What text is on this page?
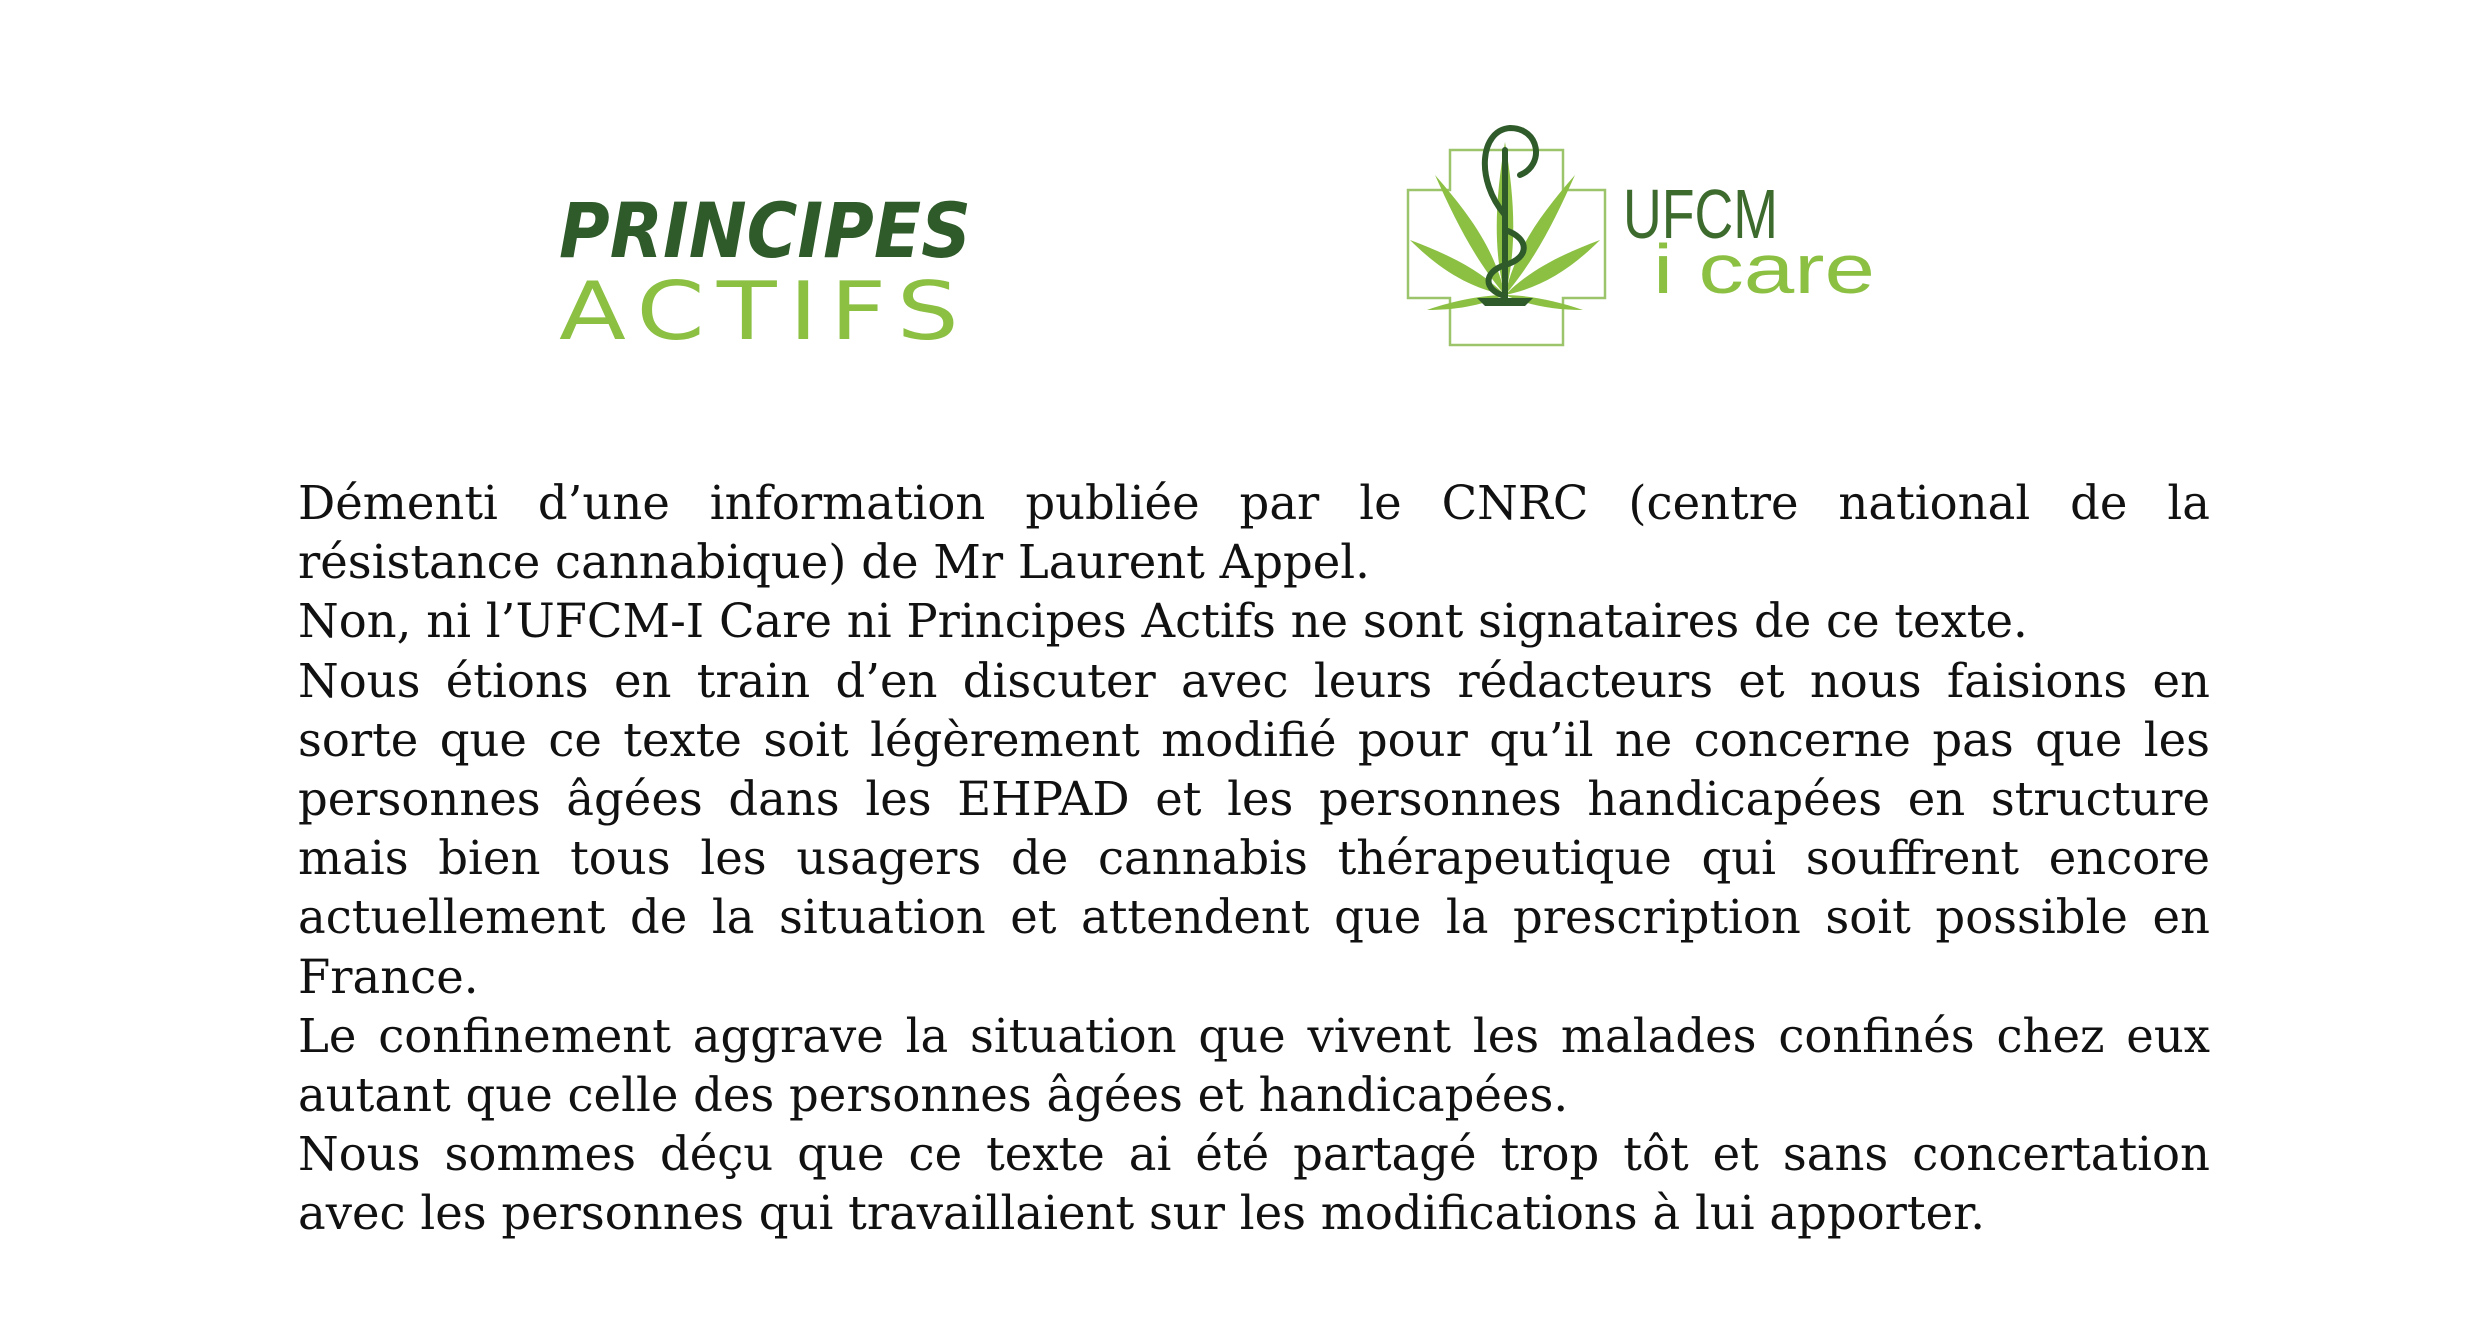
PRINCIPES
ACTIFS
UFCM
i care

Démenti d’une information publiée par le CNRC (centre national de la résistance cannabique) de Mr Laurent Appel.

Non, ni l’UFCM-I Care ni Principes Actifs ne sont signataires de ce texte.

Nous étions en train d’en discuter avec leurs rédacteurs et nous faisions en sorte que ce texte soit légèrement modifié pour qu’il ne concerne pas que les personnes âgées dans les EHPAD et les personnes handicapées en structure mais bien tous les usagers de cannabis thérapeutique qui souffrent encore actuellement de la situation et attendent que la prescription soit possible en France.

Le confinement aggrave la situation que vivent les malades confinés chez eux autant que celle des personnes âgées et handicapées.

Nous sommes déçu que ce texte ai été partagé trop tôt et sans concertation avec les personnes qui travaillaient sur les modifications à lui apporter.
